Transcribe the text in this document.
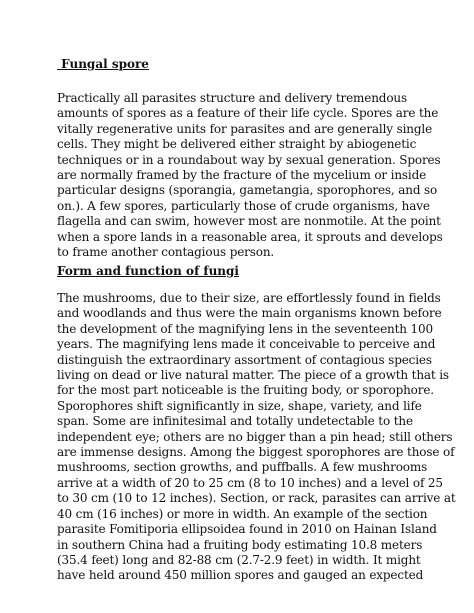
Fungal spore
Practically all parasites structure and delivery tremendous
amounts of spores as a feature of their life cycle. Spores are the
vitally regenerative units for parasites and are generally single
cells. They might be delivered either straight by abiogenetic
techniques or in a roundabout way by sexual generation. Spores
are normally framed by the fracture of the mycelium or inside
particular designs (sporangia, gametangia, sporophores, and so
on.). A few spores, particularly those of crude organisms, have
flagella and can swim, however most are nonmotile. At the point
when a spore lands in a reasonable area, it sprouts and develops
to frame another contagious person.
Form and function of fungi
The mushrooms, due to their size, are effortlessly found in fields
and woodlands and thus were the main organisms known before
the development of the magnifying lens in the seventeenth 100
years. The magnifying lens made it conceivable to perceive and
distinguish the extraordinary assortment of contagious species
living on dead or live natural matter. The piece of a growth that is
for the most part noticeable is the fruiting body, or sporophore.
Sporophores shift significantly in size, shape, variety, and life
span. Some are infinitesimal and totally undetectable to the
independent eye; others are no bigger than a pin head; still others
are immense designs. Among the biggest sporophores are those of
mushrooms, section growths, and puffballs. A few mushrooms
arrive at a width of 20 to 25 cm (8 to 10 inches) and a level of 25
to 30 cm (10 to 12 inches). Section, or rack, parasites can arrive at
40 cm (16 inches) or more in width. An example of the section
parasite Fomitiporia ellipsoidea found in 2010 on Hainan Island
in southern China had a fruiting body estimating 10.8 meters
(35.4 feet) long and 82-88 cm (2.7-2.9 feet) in width. It might
have held around 450 million spores and gauged an expected
